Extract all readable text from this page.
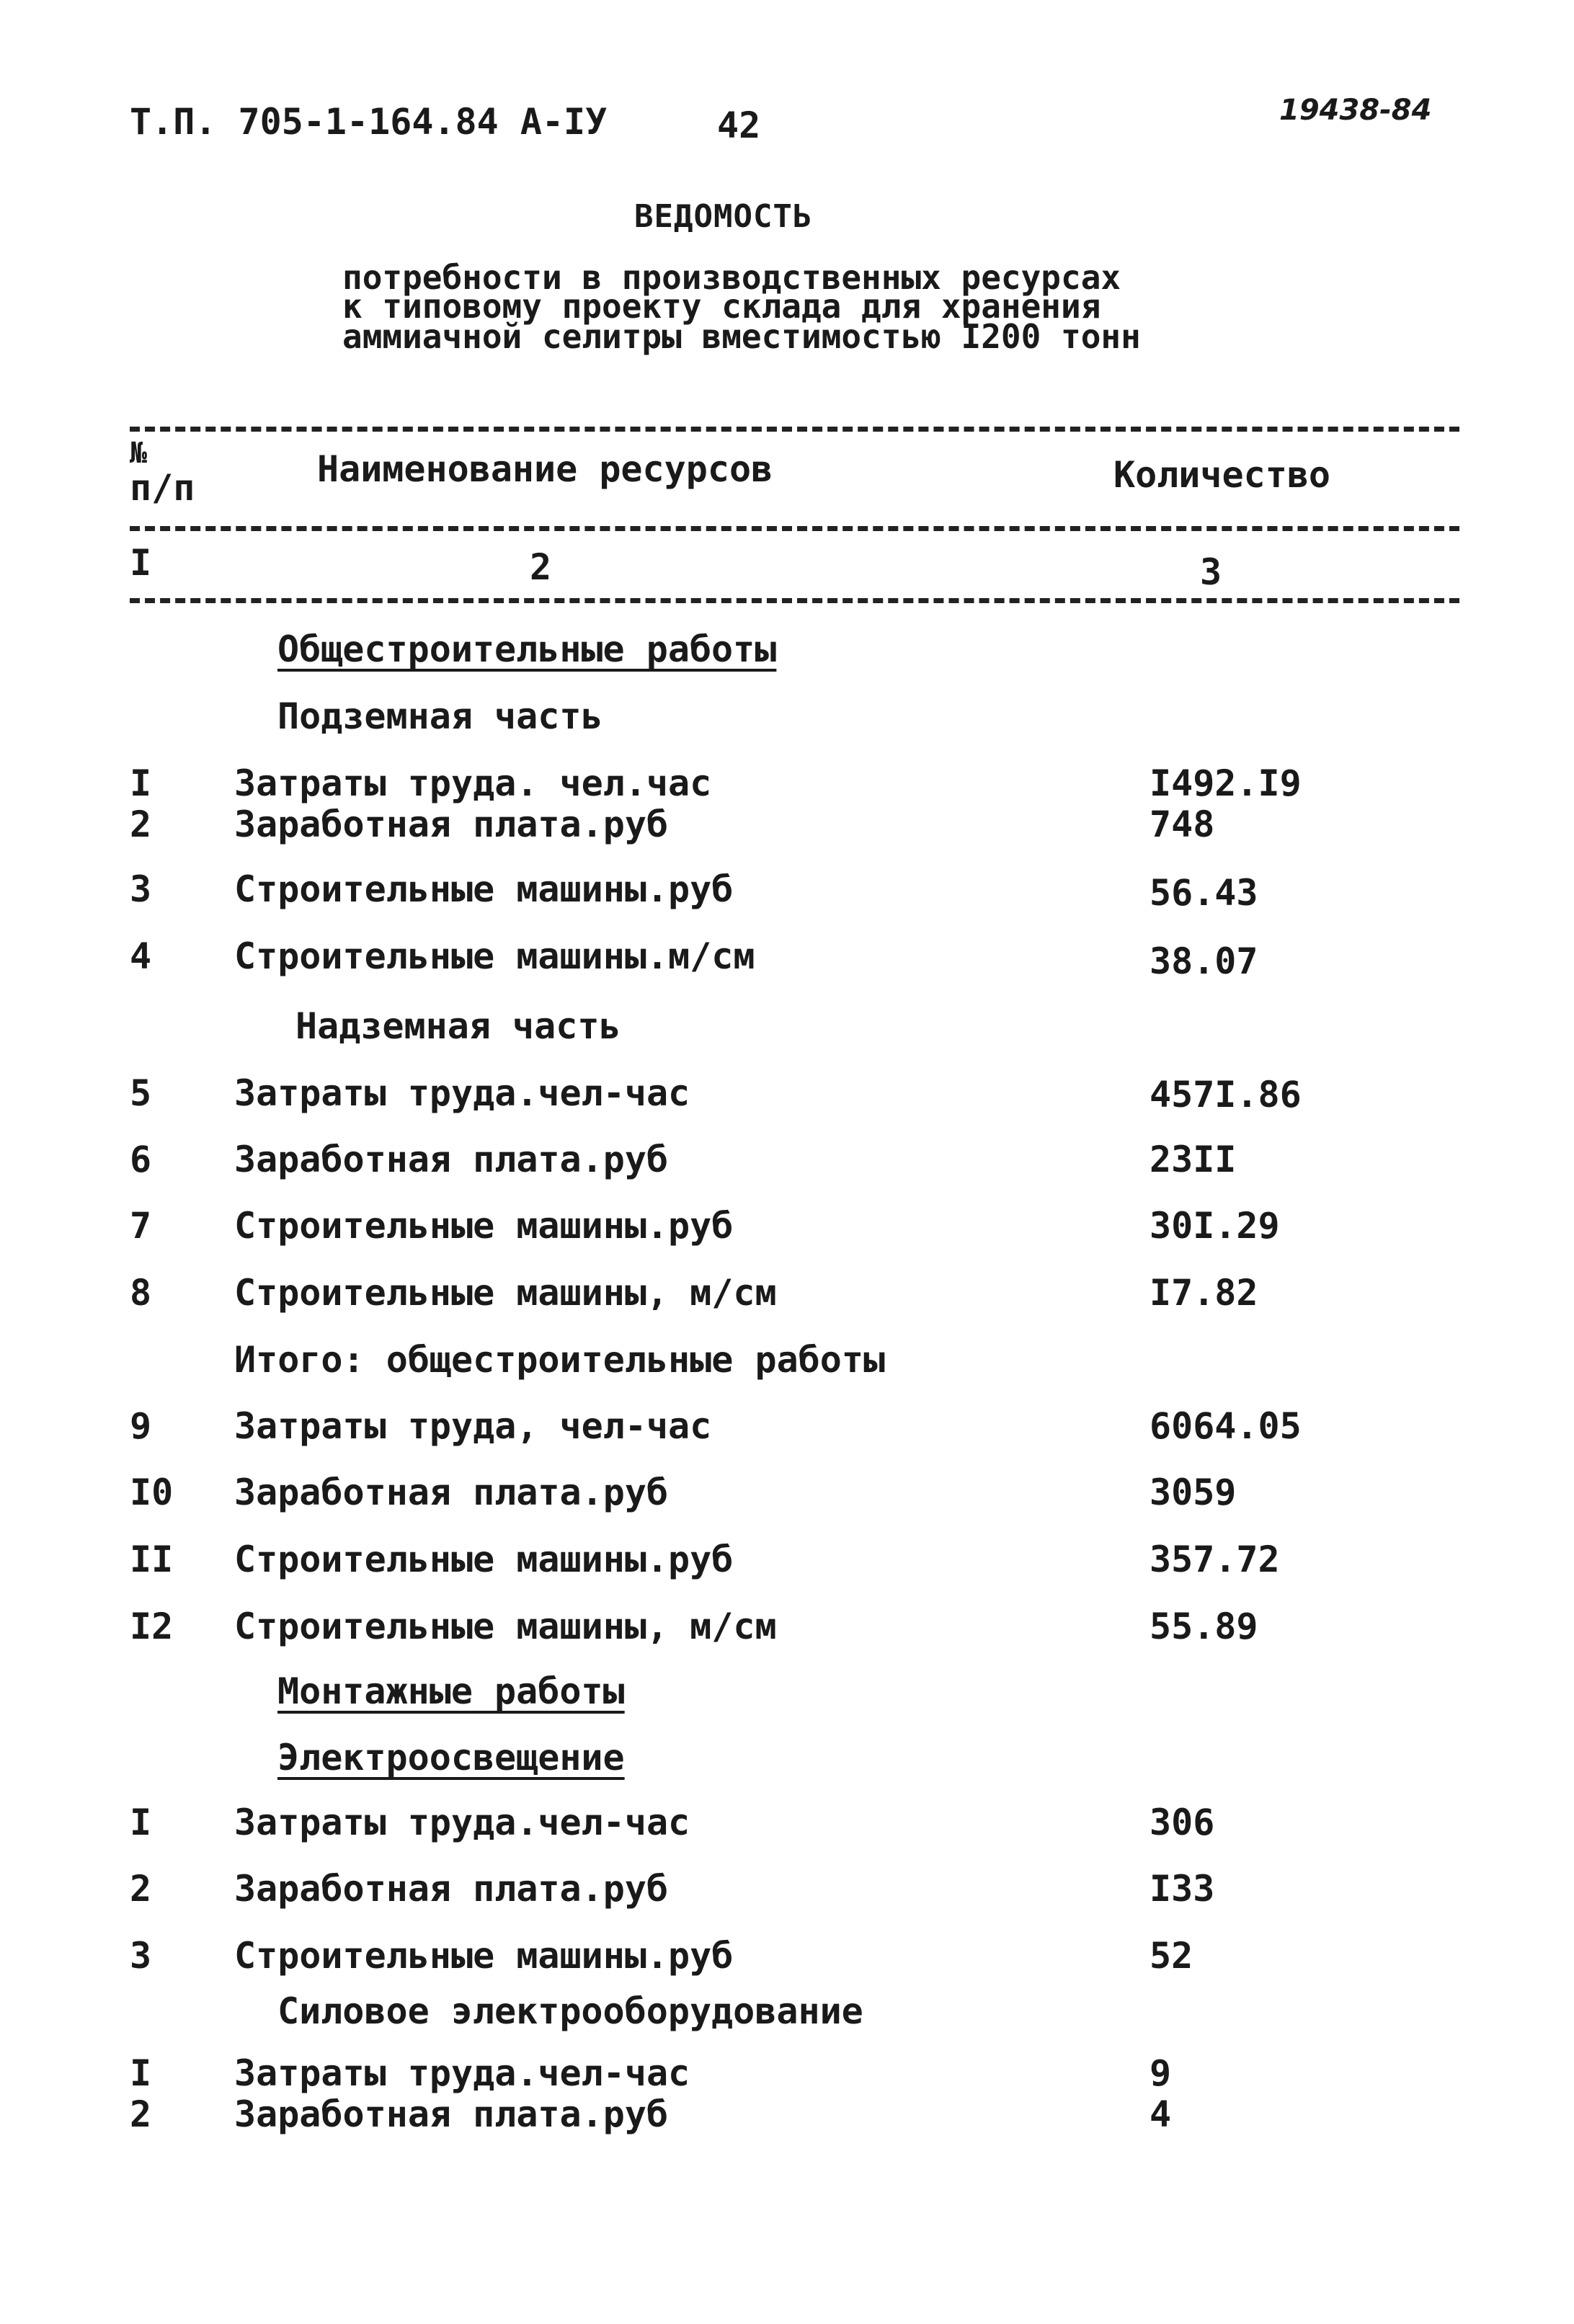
Т.П. 705-1-164.84 А-IУ	42	19438-84
ВЕДОМОСТЬ
потребности в производственных ресурсах
к типовому проекту склада для хранения
аммиачной селитры вместимостью I200 тонн
№
п/п	Наименование ресурсов	Количество
I	2	3
Общестроительные работы
Подземная часть
I Затраты труда. чел.час	I492.I9
2 Заработная плата.руб	748
3 Строительные машины.руб	56.43
4 Строительные машины.м/см	38.07
Надземная часть
5 Затраты труда.чел-час	457I.86
6 Заработная плата.руб	23II
7 Строительные машины.руб	30I.29
8 Строительные машины, м/см	I7.82
Итого: общестроительные работы
9 Затраты труда, чел-час	6064.05
I0 Заработная плата.руб	3059
II Строительные машины.руб	357.72
I2 Строительные машины, м/см	55.89
Монтажные работы
Электроосвещение
I Затраты труда.чел-час	306
2 Заработная плата.руб	I33
3 Строительные машины.руб	52
Силовое электрооборудование
I Затраты труда.чел-час	9
2 Заработная плата.руб	4
